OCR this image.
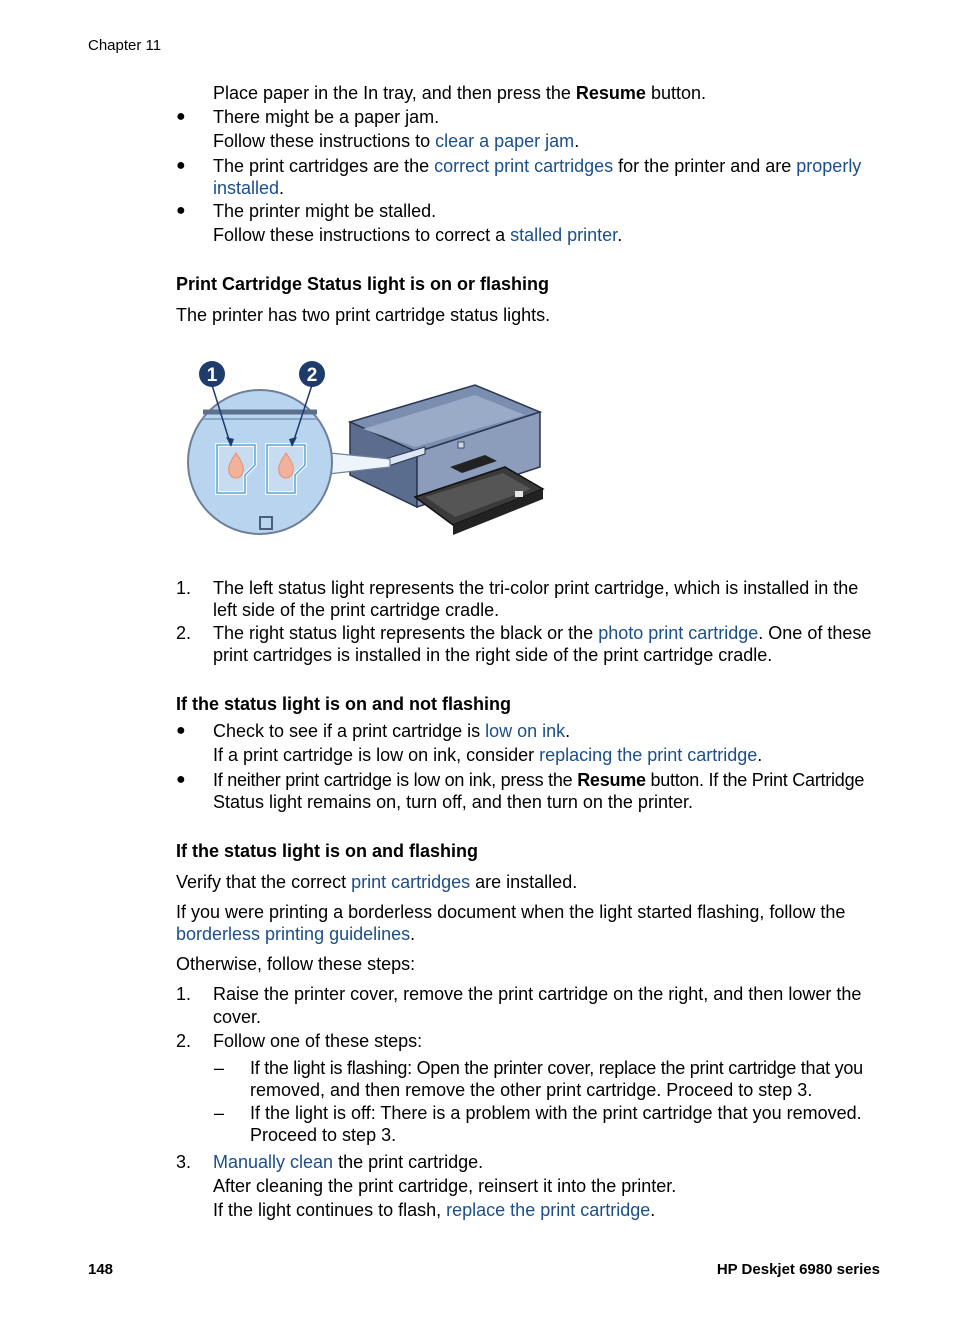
Chapter 11
Place paper in the In tray, and then press the Resume button.
● There might be a paper jam.
Follow these instructions to clear a paper jam.
● The print cartridges are the correct print cartridges for the printer and are properly
installed.
● The printer might be stalled.
Follow these instructions to correct a stalled printer.
Print Cartridge Status light is on or flashing
The printer has two print cartridge status lights.
1	2
1. The left status light represents the tri-color print cartridge, which is installed in the
left side of the print cartridge cradle.
2. The right status light represents the black or the photo print cartridge. One of these
print cartridges is installed in the right side of the print cartridge cradle.
If the status light is on and not flashing
● Check to see if a print cartridge is low on ink.
If a print cartridge is low on ink, consider replacing the print cartridge.
● If neither print cartridge is low on ink, press the Resume button. If the Print Cartridge
Status light remains on, turn off, and then turn on the printer.
If the status light is on and flashing
Verify that the correct print cartridges are installed.
If you were printing a borderless document when the light started flashing, follow the
borderless printing guidelines.
Otherwise, follow these steps:
1. Raise the printer cover, remove the print cartridge on the right, and then lower the
cover.
2. Follow one of these steps:
– If the light is flashing: Open the printer cover, replace the print cartridge that you
removed, and then remove the other print cartridge. Proceed to step 3.
– If the light is off: There is a problem with the print cartridge that you removed.
Proceed to step 3.
3. Manually clean the print cartridge.
After cleaning the print cartridge, reinsert it into the printer.
If the light continues to flash, replace the print cartridge.
148	HP Deskjet 6980 series
